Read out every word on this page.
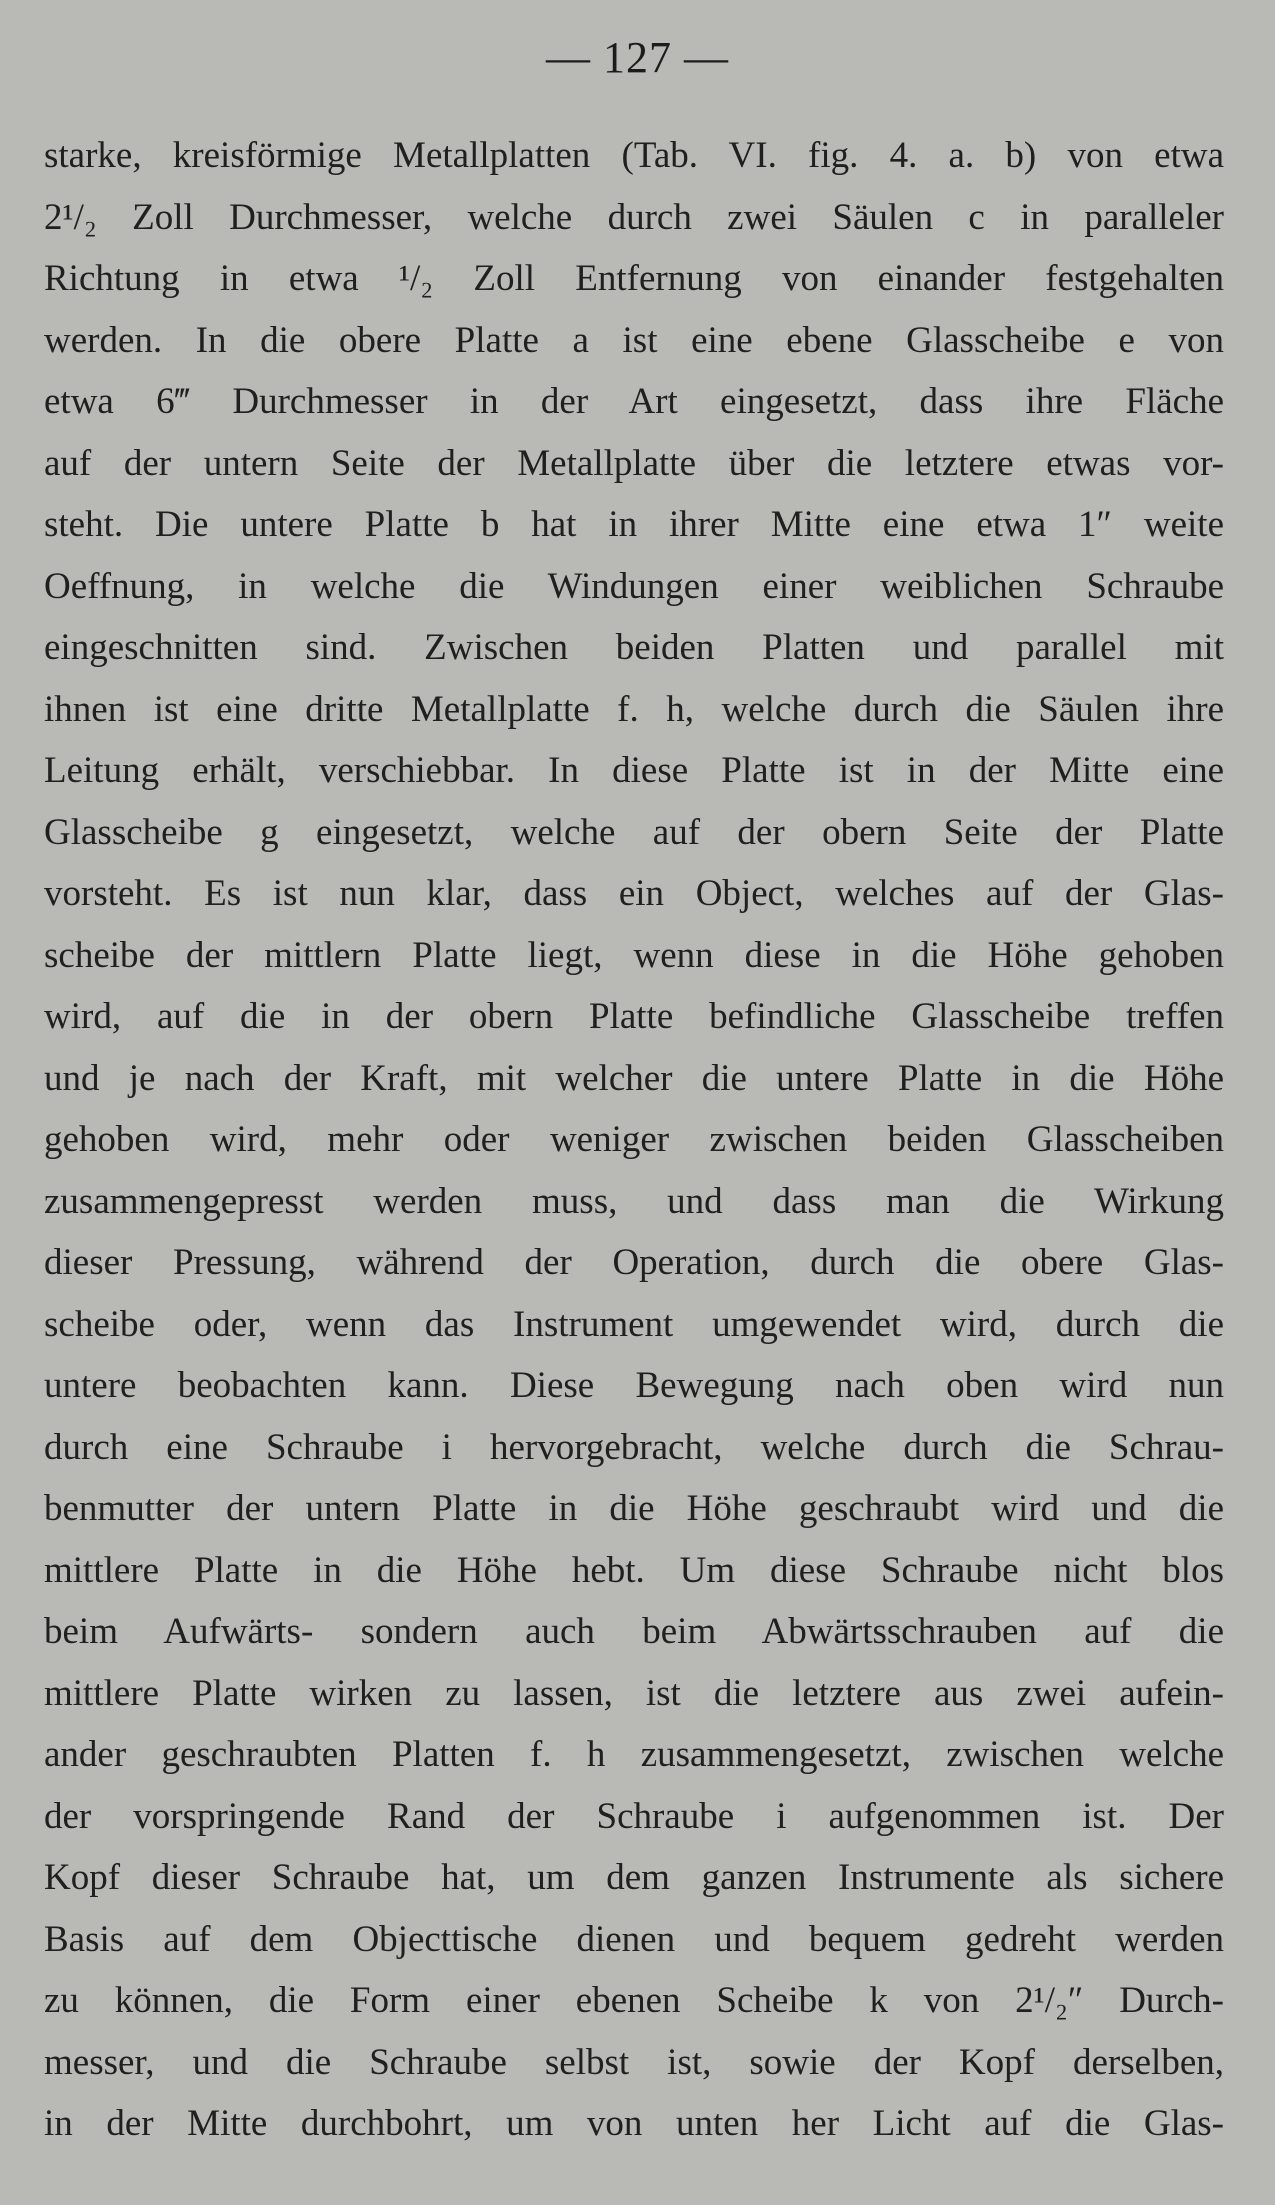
— 127 —
starke, kreisförmige Metallplatten (Tab. VI. fig. 4. a. b) von etwa
2¹/₂ Zoll Durchmesser, welche durch zwei Säulen c in paralleler
Richtung in etwa ¹/₂ Zoll Entfernung von einander festgehalten
werden. In die obere Platte a ist eine ebene Glasscheibe e von
etwa 6‴ Durchmesser in der Art eingesetzt, dass ihre Fläche
auf der untern Seite der Metallplatte über die letztere etwas vor-
steht. Die untere Platte b hat in ihrer Mitte eine etwa 1″ weite
Oeffnung, in welche die Windungen einer weiblichen Schraube
eingeschnitten sind. Zwischen beiden Platten und parallel mit
ihnen ist eine dritte Metallplatte f. h, welche durch die Säulen ihre
Leitung erhält, verschiebbar. In diese Platte ist in der Mitte eine
Glasscheibe g eingesetzt, welche auf der obern Seite der Platte
vorsteht. Es ist nun klar, dass ein Object, welches auf der Glas-
scheibe der mittlern Platte liegt, wenn diese in die Höhe gehoben
wird, auf die in der obern Platte befindliche Glasscheibe treffen
und je nach der Kraft, mit welcher die untere Platte in die Höhe
gehoben wird, mehr oder weniger zwischen beiden Glasscheiben
zusammengepresst werden muss, und dass man die Wirkung
dieser Pressung, während der Operation, durch die obere Glas-
scheibe oder, wenn das Instrument umgewendet wird, durch die
untere beobachten kann. Diese Bewegung nach oben wird nun
durch eine Schraube i hervorgebracht, welche durch die Schrau-
benmutter der untern Platte in die Höhe geschraubt wird und die
mittlere Platte in die Höhe hebt. Um diese Schraube nicht blos
beim Aufwärts- sondern auch beim Abwärtsschrauben auf die
mittlere Platte wirken zu lassen, ist die letztere aus zwei aufein-
ander geschraubten Platten f. h zusammengesetzt, zwischen welche
der vorspringende Rand der Schraube i aufgenommen ist. Der
Kopf dieser Schraube hat, um dem ganzen Instrumente als sichere
Basis auf dem Objecttische dienen und bequem gedreht werden
zu können, die Form einer ebenen Scheibe k von 2¹/₂″ Durch-
messer, und die Schraube selbst ist, sowie der Kopf derselben,
in der Mitte durchbohrt, um von unten her Licht auf die Glas-
